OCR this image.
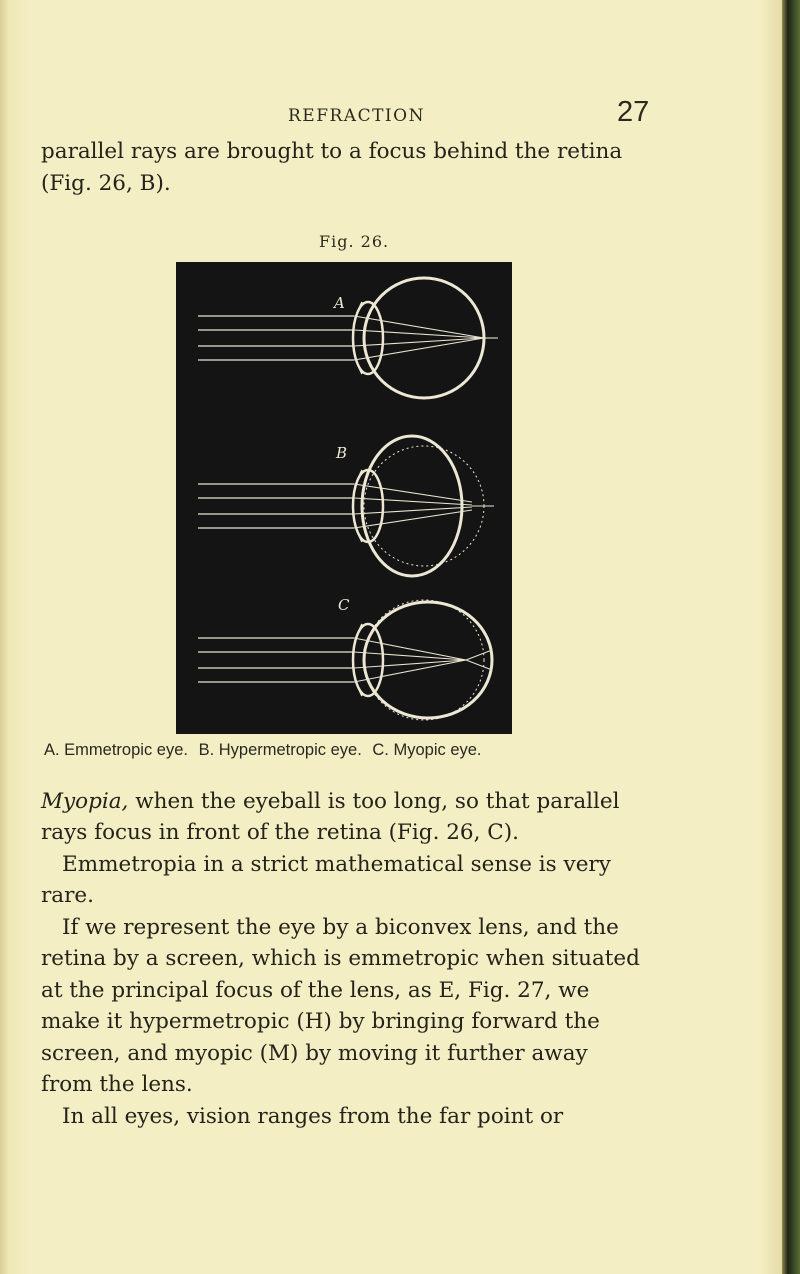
REFRACTION	27
parallel rays are brought to a focus behind the retina
(Fig. 26, B).
Fig. 26.
A
B
C
A. Emmetropic eye. B. Hypermetropic eye. C. Myopic eye.
Myopia, when the eyeball is too long, so that parallel
rays focus in front of the retina (Fig. 26, C).
Emmetropia in a strict mathematical sense is very
rare.
If we represent the eye by a biconvex lens, and the
retina by a screen, which is emmetropic when situated
at the principal focus of the lens, as E, Fig. 27, we
make it hypermetropic (H) by bringing forward the
screen, and myopic (M) by moving it further away
from the lens.
In all eyes, vision ranges from the far point or
